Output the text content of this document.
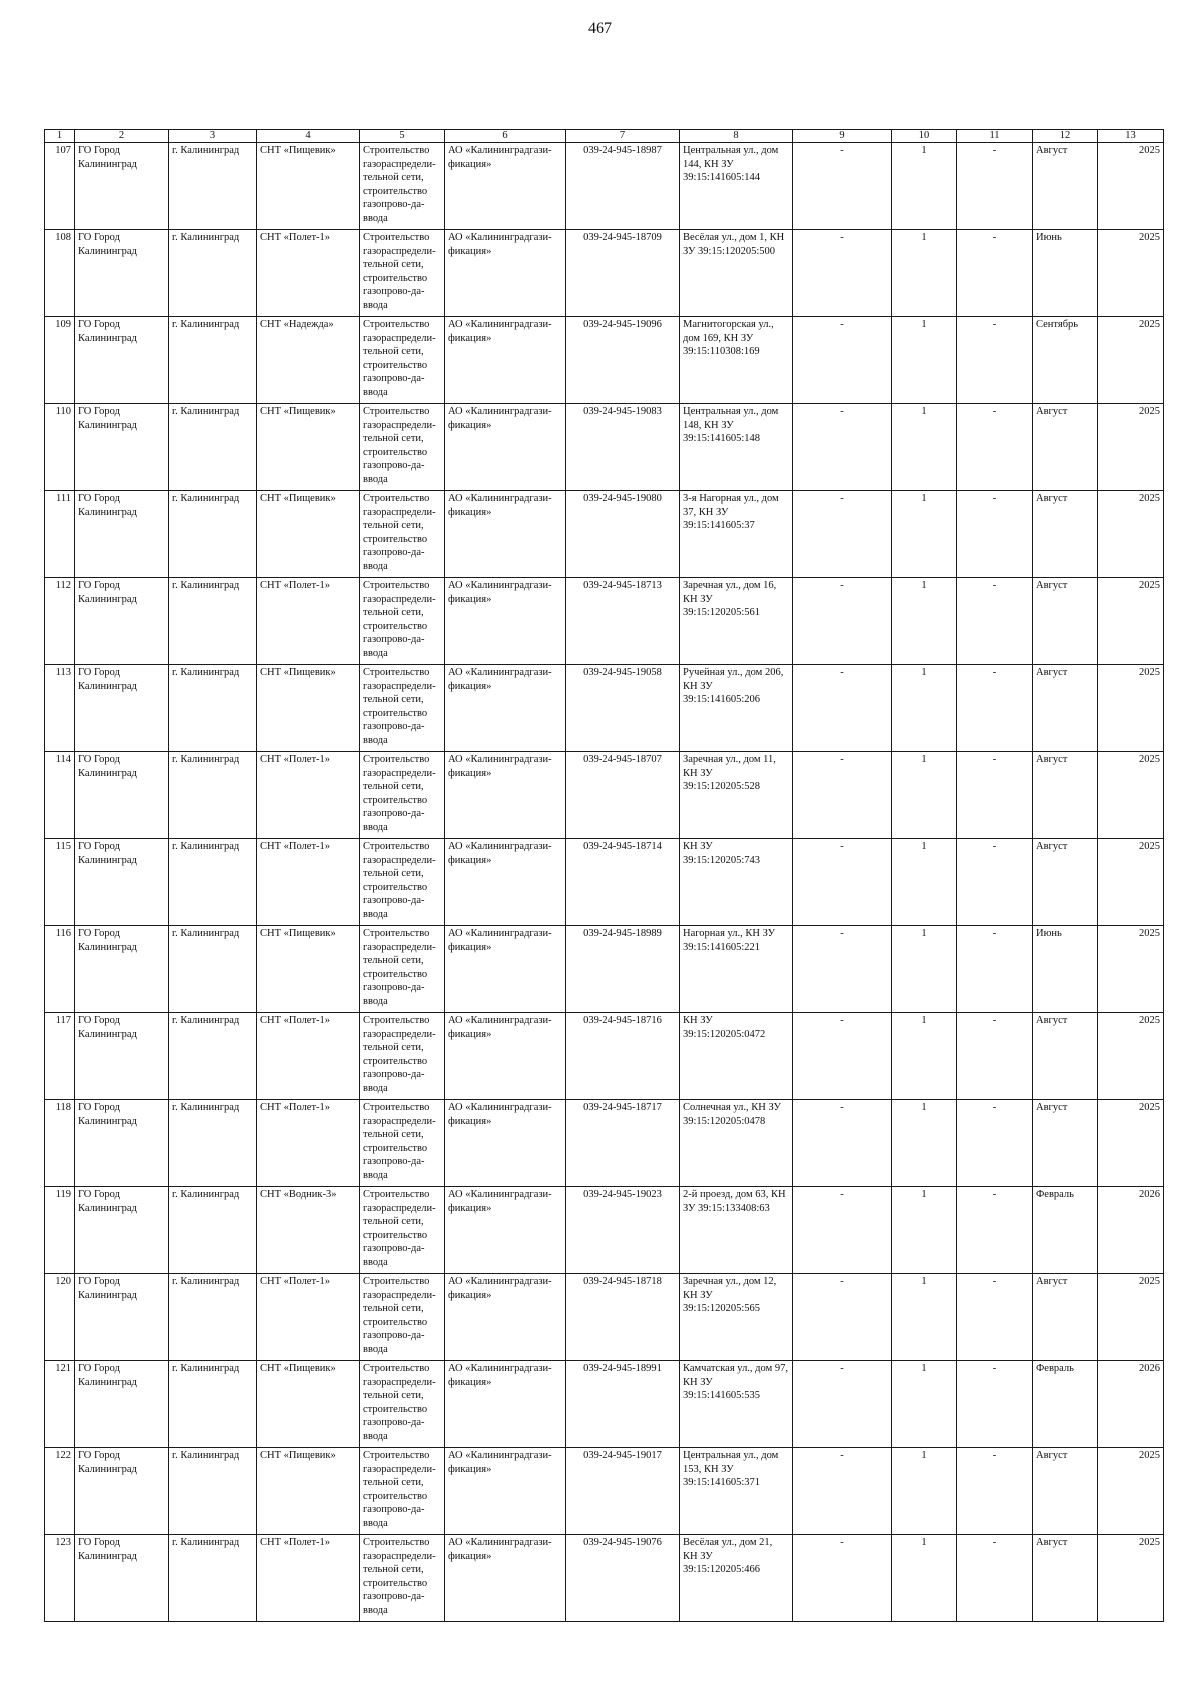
467
1	2	3	4	5	6	7	8	9	10	11	12	13
107	ГО Город Калининград	г. Калининград	СНТ «Пищевик»	Строительство газораспредели-тельной сети, строительство газопрово-да-ввода	АО «Калининградгази-фикация»	039-24-945-18987	Центральная ул., дом 144, КН ЗУ 39:15:141605:144	-	1	-	Август	2025
108	ГО Город Калининград	г. Калининград	СНТ «Полет-1»	Строительство газораспредели-тельной сети, строительство газопрово-да-ввода	АО «Калининградгази-фикация»	039-24-945-18709	Весёлая ул., дом 1, КН ЗУ 39:15:120205:500	-	1	-	Июнь	2025
109	ГО Город Калининград	г. Калининград	СНТ «Надежда»	Строительство газораспредели-тельной сети, строительство газопрово-да-ввода	АО «Калининградгази-фикация»	039-24-945-19096	Магнитогорская ул., дом 169, КН ЗУ 39:15:110308:169	-	1	-	Сентябрь	2025
110	ГО Город Калининград	г. Калининград	СНТ «Пищевик»	Строительство газораспредели-тельной сети, строительство газопрово-да-ввода	АО «Калининградгази-фикация»	039-24-945-19083	Центральная ул., дом 148, КН ЗУ 39:15:141605:148	-	1	-	Август	2025
111	ГО Город Калининград	г. Калининград	СНТ «Пищевик»	Строительство газораспредели-тельной сети, строительство газопрово-да-ввода	АО «Калининградгази-фикация»	039-24-945-19080	3-я Нагорная ул., дом 37, КН ЗУ 39:15:141605:37	-	1	-	Август	2025
112	ГО Город Калининград	г. Калининград	СНТ «Полет-1»	Строительство газораспредели-тельной сети, строительство газопрово-да-ввода	АО «Калининградгази-фикация»	039-24-945-18713	Заречная ул., дом 16, КН ЗУ 39:15:120205:561	-	1	-	Август	2025
113	ГО Город Калининград	г. Калининград	СНТ «Пищевик»	Строительство газораспредели-тельной сети, строительство газопрово-да-ввода	АО «Калининградгази-фикация»	039-24-945-19058	Ручейная ул., дом 206, КН ЗУ 39:15:141605:206	-	1	-	Август	2025
114	ГО Город Калининград	г. Калининград	СНТ «Полет-1»	Строительство газораспредели-тельной сети, строительство газопрово-да-ввода	АО «Калининградгази-фикация»	039-24-945-18707	Заречная ул., дом 11, КН ЗУ 39:15:120205:528	-	1	-	Август	2025
115	ГО Город Калининград	г. Калининград	СНТ «Полет-1»	Строительство газораспредели-тельной сети, строительство газопрово-да-ввода	АО «Калининградгази-фикация»	039-24-945-18714	КН ЗУ 39:15:120205:743	-	1	-	Август	2025
116	ГО Город Калининград	г. Калининград	СНТ «Пищевик»	Строительство газораспредели-тельной сети, строительство газопрово-да-ввода	АО «Калининградгази-фикация»	039-24-945-18989	Нагорная ул., КН ЗУ 39:15:141605:221	-	1	-	Июнь	2025
117	ГО Город Калининград	г. Калининград	СНТ «Полет-1»	Строительство газораспредели-тельной сети, строительство газопрово-да-ввода	АО «Калининградгази-фикация»	039-24-945-18716	КН ЗУ 39:15:120205:0472	-	1	-	Август	2025
118	ГО Город Калининград	г. Калининград	СНТ «Полет-1»	Строительство газораспредели-тельной сети, строительство газопрово-да-ввода	АО «Калининградгази-фикация»	039-24-945-18717	Солнечная ул., КН ЗУ 39:15:120205:0478	-	1	-	Август	2025
119	ГО Город Калининград	г. Калининград	СНТ «Водник-3»	Строительство газораспредели-тельной сети, строительство газопрово-да-ввода	АО «Калининградгази-фикация»	039-24-945-19023	2-й проезд, дом 63, КН ЗУ 39:15:133408:63	-	1	-	Февраль	2026
120	ГО Город Калининград	г. Калининград	СНТ «Полет-1»	Строительство газораспредели-тельной сети, строительство газопрово-да-ввода	АО «Калининградгази-фикация»	039-24-945-18718	Заречная ул., дом 12, КН ЗУ 39:15:120205:565	-	1	-	Август	2025
121	ГО Город Калининград	г. Калининград	СНТ «Пищевик»	Строительство газораспредели-тельной сети, строительство газопрово-да-ввода	АО «Калининградгази-фикация»	039-24-945-18991	Камчатская ул., дом 97, КН ЗУ 39:15:141605:535	-	1	-	Февраль	2026
122	ГО Город Калининград	г. Калининград	СНТ «Пищевик»	Строительство газораспредели-тельной сети, строительство газопрово-да-ввода	АО «Калининградгази-фикация»	039-24-945-19017	Центральная ул., дом 153, КН ЗУ 39:15:141605:371	-	1	-	Август	2025
123	ГО Город Калининград	г. Калининград	СНТ «Полет-1»	Строительство газораспредели-тельной сети, строительство газопрово-да-ввода	АО «Калининградгази-фикация»	039-24-945-19076	Весёлая ул., дом 21, КН ЗУ 39:15:120205:466	-	1	-	Август	2025
